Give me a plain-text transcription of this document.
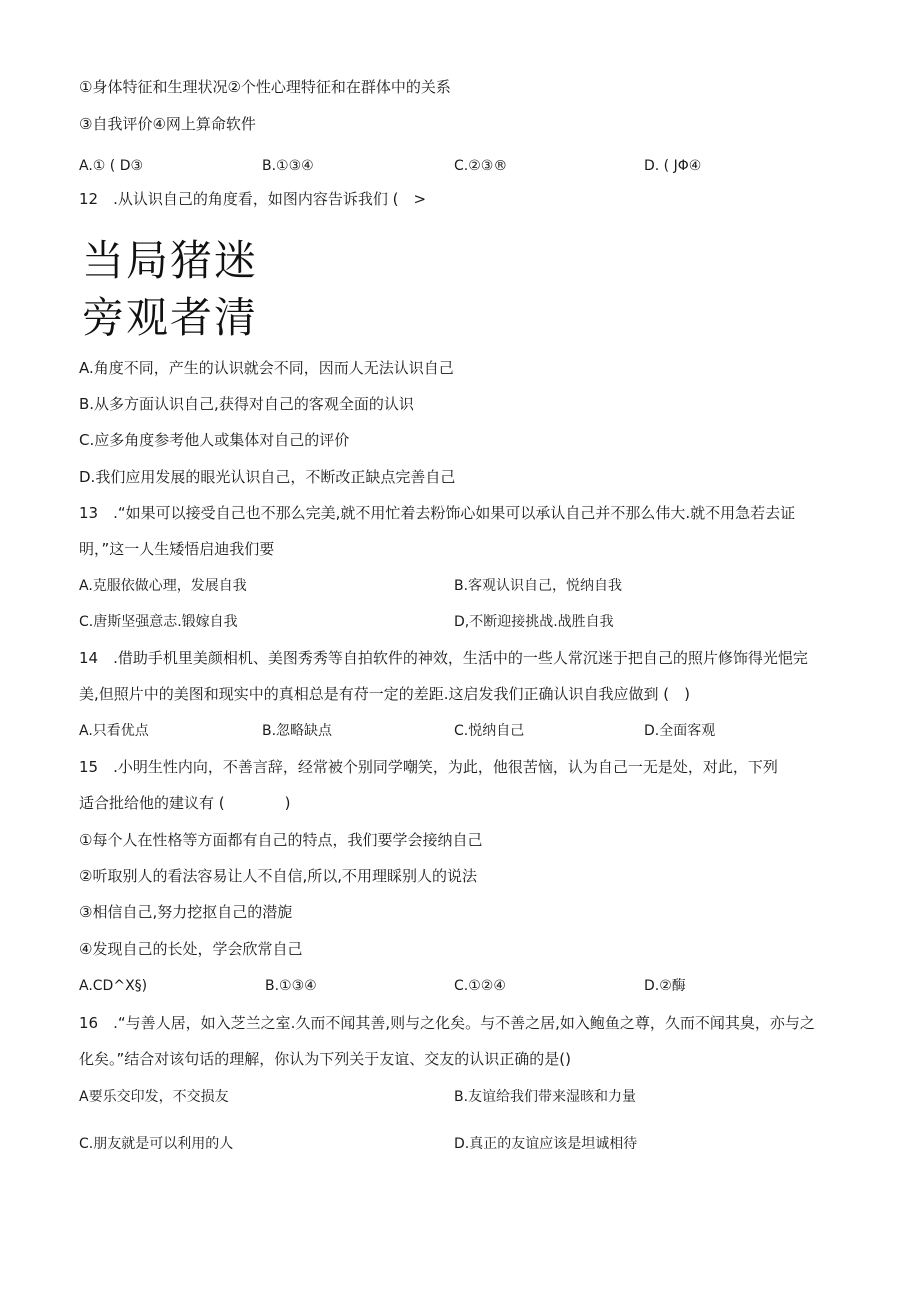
①身体特征和生理状况②个性心理特征和在群体中的关系
③自我评价④网上算命软件
A.① ( D③	B.①③④	C.②③®	D. ( JΦ④
12　.从认识自己的角度看，如图内容告诉我们 (　>
当局猪迷
旁观者清
A.角度不同，产生的认识就会不同，因而人无法认识自己
B.从多方面认识自己,获得对自己的客观全面的认识
C.应多角度参考他人或集体对自己的评价
D.我们应用发展的眼光认识自己，不断改正缺点完善自己
13　.“如果可以接受自己也不那么完美,就不用忙着去粉饰心如果可以承认自己并不那么伟大.就不用急若去证
明，”这一人生矮悟启迪我们要
A.克服依做心理，发展自我	B.客观认识自己，悦纳自我
C.唐斯坚强意志.锻嫁自我	D,不断迎接挑战.战胜自我
14　.借助手机里美颜相机、美图秀秀等自拍软件的神效，生活中的一些人常沉迷于把自己的照片修饰得光悒完
美,但照片中的美图和现实中的真相总是有苻一定的差距.这启发我们正确认识自我应做到 (　)
A.只看优点	B.忽略缺点	C.悦纳自己	D.全面客观
15　.小明生性内向，不善言辞，经常被个别同学嘲笑，为此，他很苦恼，认为自己一无是处，对此，下列
适合批给他的建议有 (　　　　)
①每个人在性格等方面都有自己的特点，我们要学会接纳自己
②听取别人的看法容易让人不自信,所以,不用理睬别人的说法
③相信自己,努力挖抠自己的潜旎
④发现自己的长处，学会欣常自己
A.CD^X§)	B.①③④	C.①②④	D.②酶
16　.“与善人居，如入芝兰之室.久而不闻其善,则与之化矣。与不善之居,如入鲍鱼之尊，久而不闻其臭，亦与之
化矣。”结合对该句话的理解，你认为下列关于友谊、交友的认识正确的是()
A要乐交印发，不交损友	B.友谊给我们带来湿晐和力量
C.朋友就是可以利用的人	D.真正的友谊应该是坦诚相待
